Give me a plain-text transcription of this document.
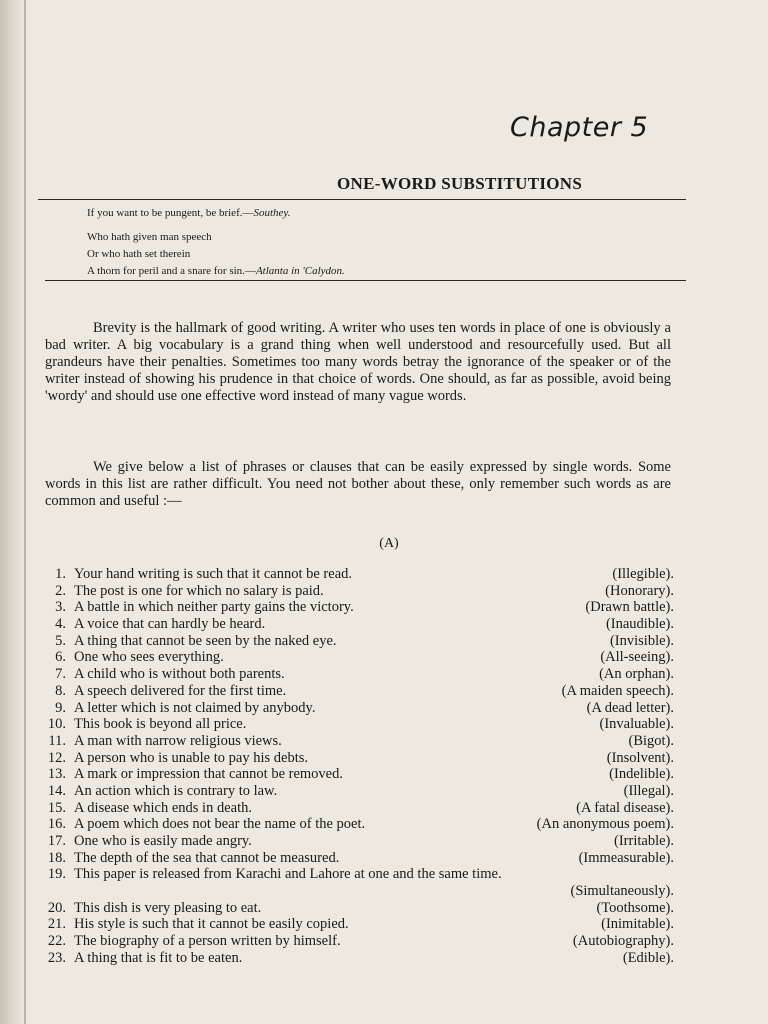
Chapter 5
ONE-WORD SUBSTITUTIONS
If you want to be pungent, be brief.—Southey.
Who hath given man speech
Or who hath set therein
A thorn for peril and a snare for sin.—Atlanta in 'Calydon.

Brevity is the hallmark of good writing. A writer who uses ten words in place of one is obviously a bad writer. A big vocabulary is a grand thing when well understood and resourcefully used. But all grandeurs have their penalties. Sometimes too many words betray the ignorance of the speaker or of the writer instead of showing his prudence in that choice of words. One should, as far as possible, avoid being 'wordy' and should use one effective word instead of many vague words.

We give below a list of phrases or clauses that can be easily expressed by single words. Some words in this list are rather difficult. You need not bother about these, only remember such words as are common and useful :—

(A)
1. Your hand writing is such that it cannot be read.	(Illegible).
2. The post is one for which no salary is paid.	(Honorary).
3. A battle in which neither party gains the victory.	(Drawn battle).
4. A voice that can hardly be heard.	(Inaudible).
5. A thing that cannot be seen by the naked eye.	(Invisible).
6. One who sees everything.	(All-seeing).
7. A child who is without both parents.	(An orphan).
8. A speech delivered for the first time.	(A maiden speech).
9. A letter which is not claimed by anybody.	(A dead letter).
10. This book is beyond all price.	(Invaluable).
11. A man with narrow religious views.	(Bigot).
12. A person who is unable to pay his debts.	(Insolvent).
13. A mark or impression that cannot be removed.	(Indelible).
14. An action which is contrary to law.	(Illegal).
15. A disease which ends in death.	(A fatal disease).
16. A poem which does not bear the name of the poet.	(An anonymous poem).
17. One who is easily made angry.	(Irritable).
18. The depth of the sea that cannot be measured.	(Immeasurable).
19. This paper is released from Karachi and Lahore at one and the same time.
(Simultaneously).
20. This dish is very pleasing to eat.	(Toothsome).
21. His style is such that it cannot be easily copied.	(Inimitable).
22. The biography of a person written by himself.	(Autobiography).
23. A thing that is fit to be eaten.	(Edible).
